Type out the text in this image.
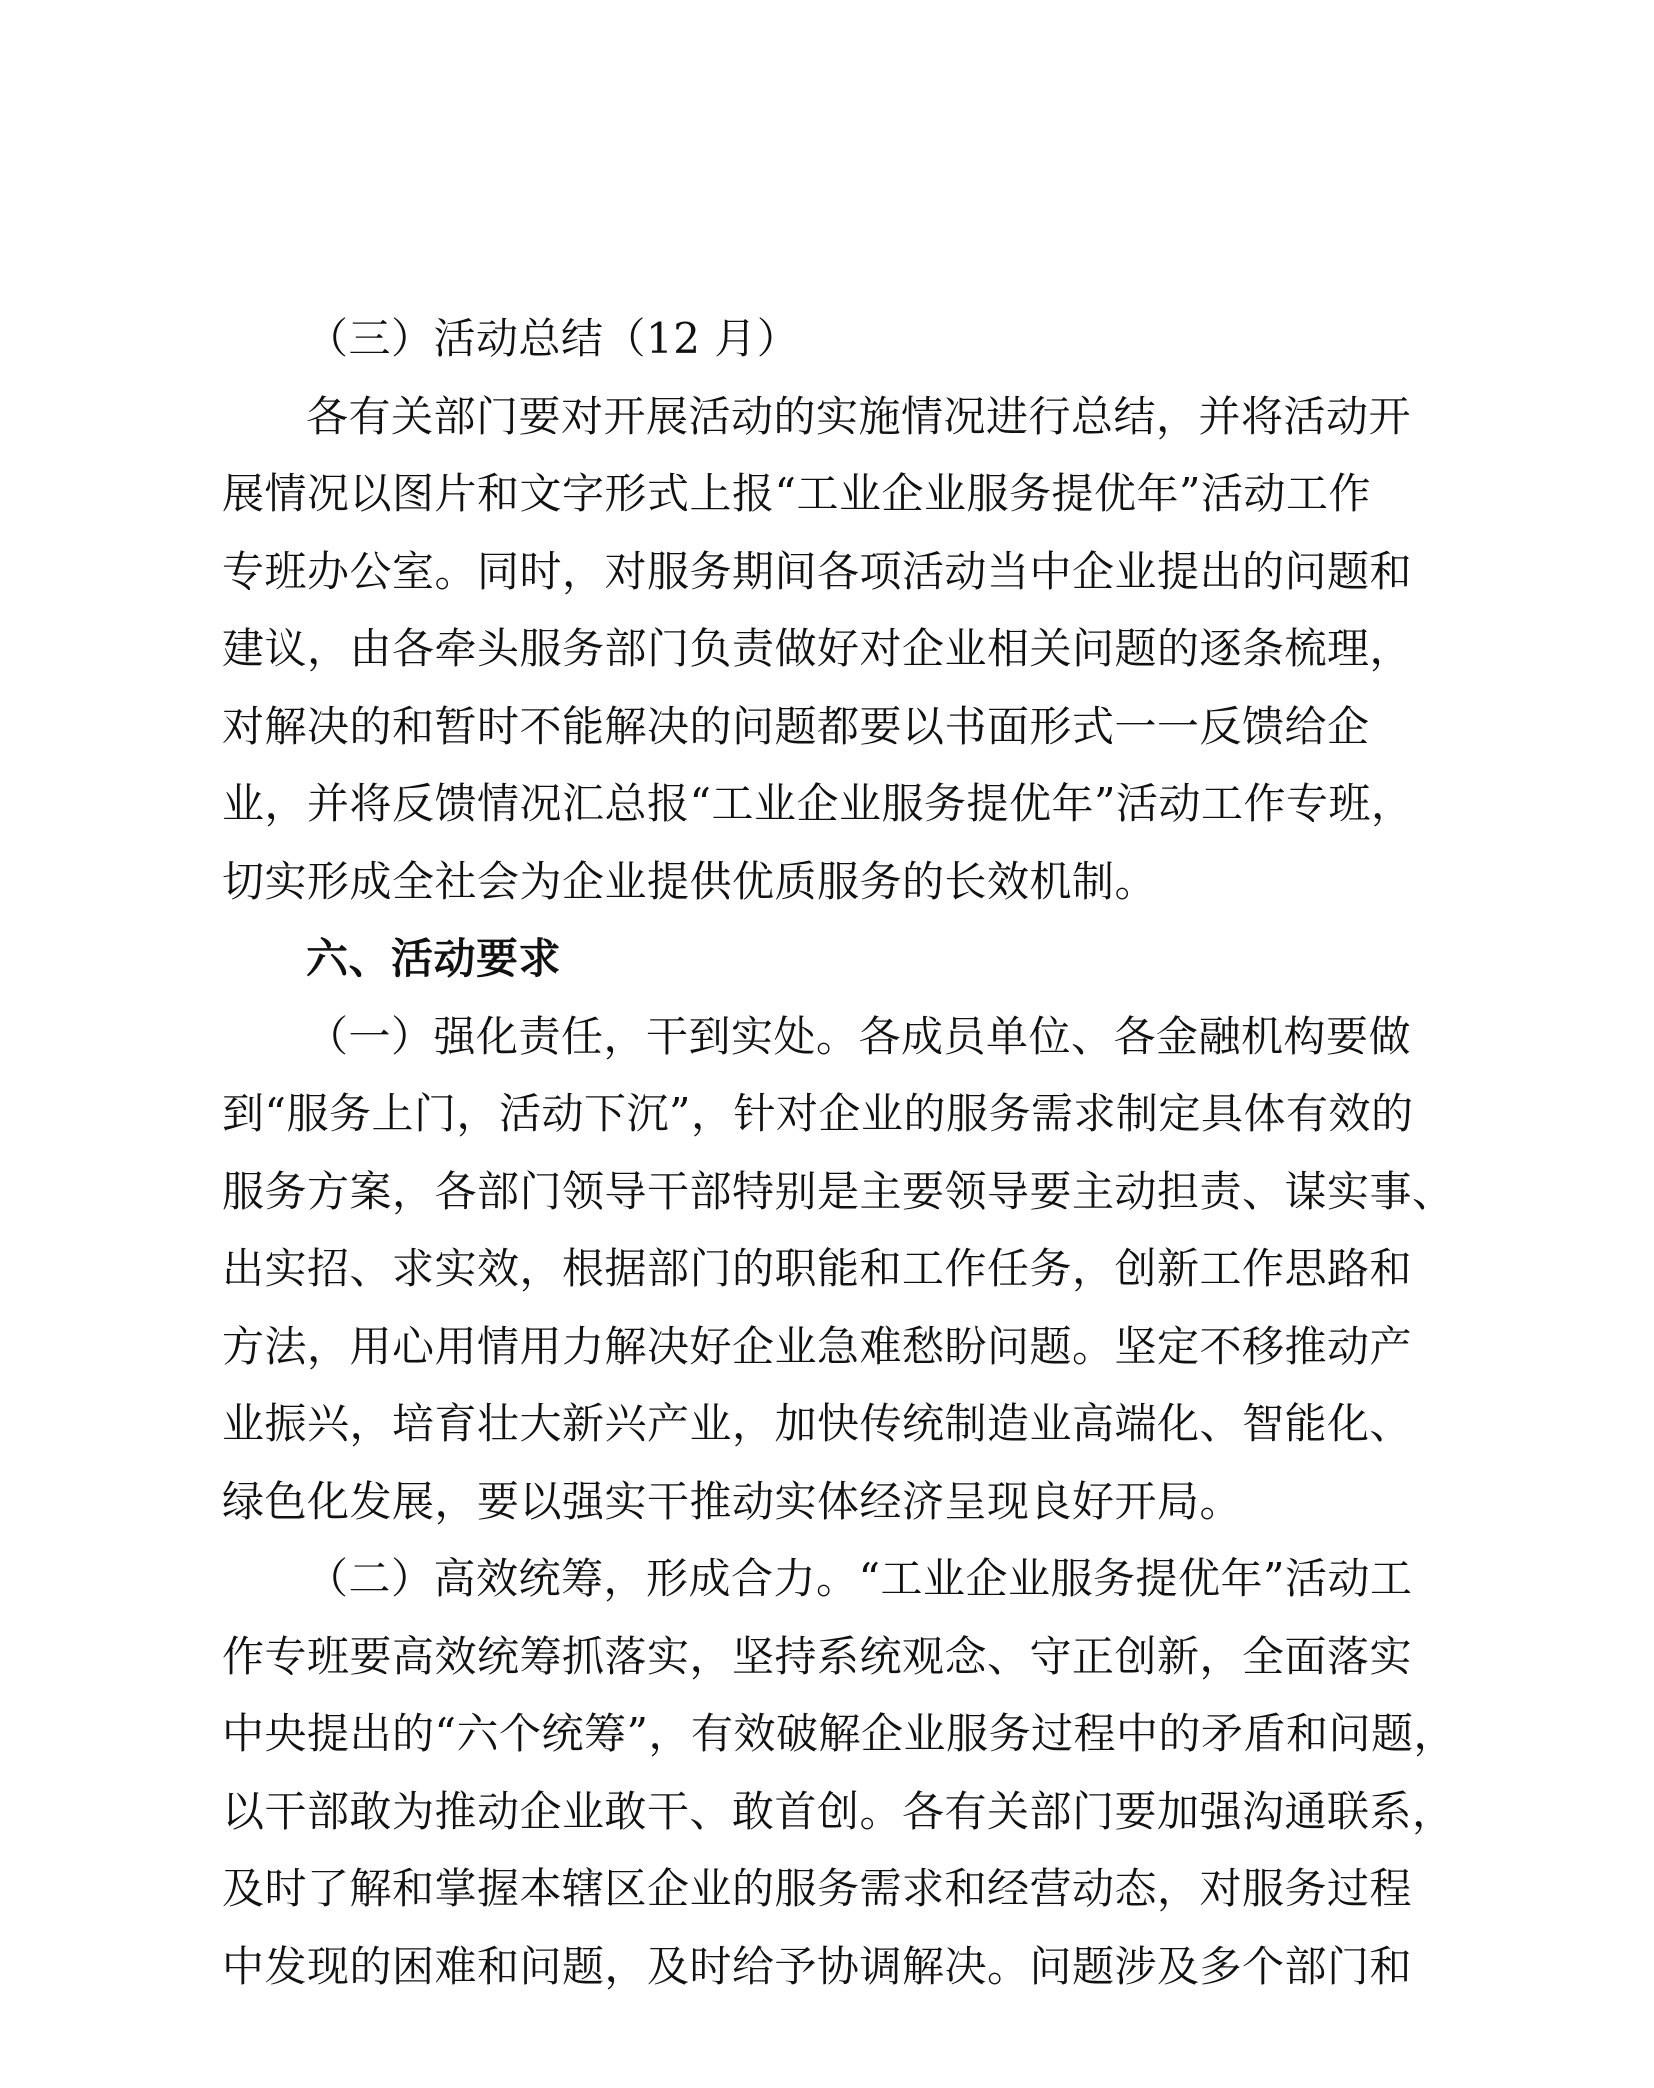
（三）活动总结（12 月）
各有关部门要对开展活动的实施情况进行总结，并将活动开
展情况以图片和文字形式上报“工业企业服务提优年”活动工作
专班办公室。同时，对服务期间各项活动当中企业提出的问题和
建议，由各牵头服务部门负责做好对企业相关问题的逐条梳理，
对解决的和暂时不能解决的问题都要以书面形式一一反馈给企
业，并将反馈情况汇总报“工业企业服务提优年”活动工作专班，
切实形成全社会为企业提供优质服务的长效机制。
六、活动要求
（一）强化责任，干到实处。各成员单位、各金融机构要做
到“服务上门，活动下沉”，针对企业的服务需求制定具体有效的
服务方案，各部门领导干部特别是主要领导要主动担责、谋实事、
出实招、求实效，根据部门的职能和工作任务，创新工作思路和
方法，用心用情用力解决好企业急难愁盼问题。坚定不移推动产
业振兴，培育壮大新兴产业，加快传统制造业高端化、智能化、
绿色化发展，要以强实干推动实体经济呈现良好开局。
（二）高效统筹，形成合力。“工业企业服务提优年”活动工
作专班要高效统筹抓落实，坚持系统观念、守正创新，全面落实
中央提出的“六个统筹”，有效破解企业服务过程中的矛盾和问题，
以干部敢为推动企业敢干、敢首创。各有关部门要加强沟通联系，
及时了解和掌握本辖区企业的服务需求和经营动态，对服务过程
中发现的困难和问题，及时给予协调解决。问题涉及多个部门和
